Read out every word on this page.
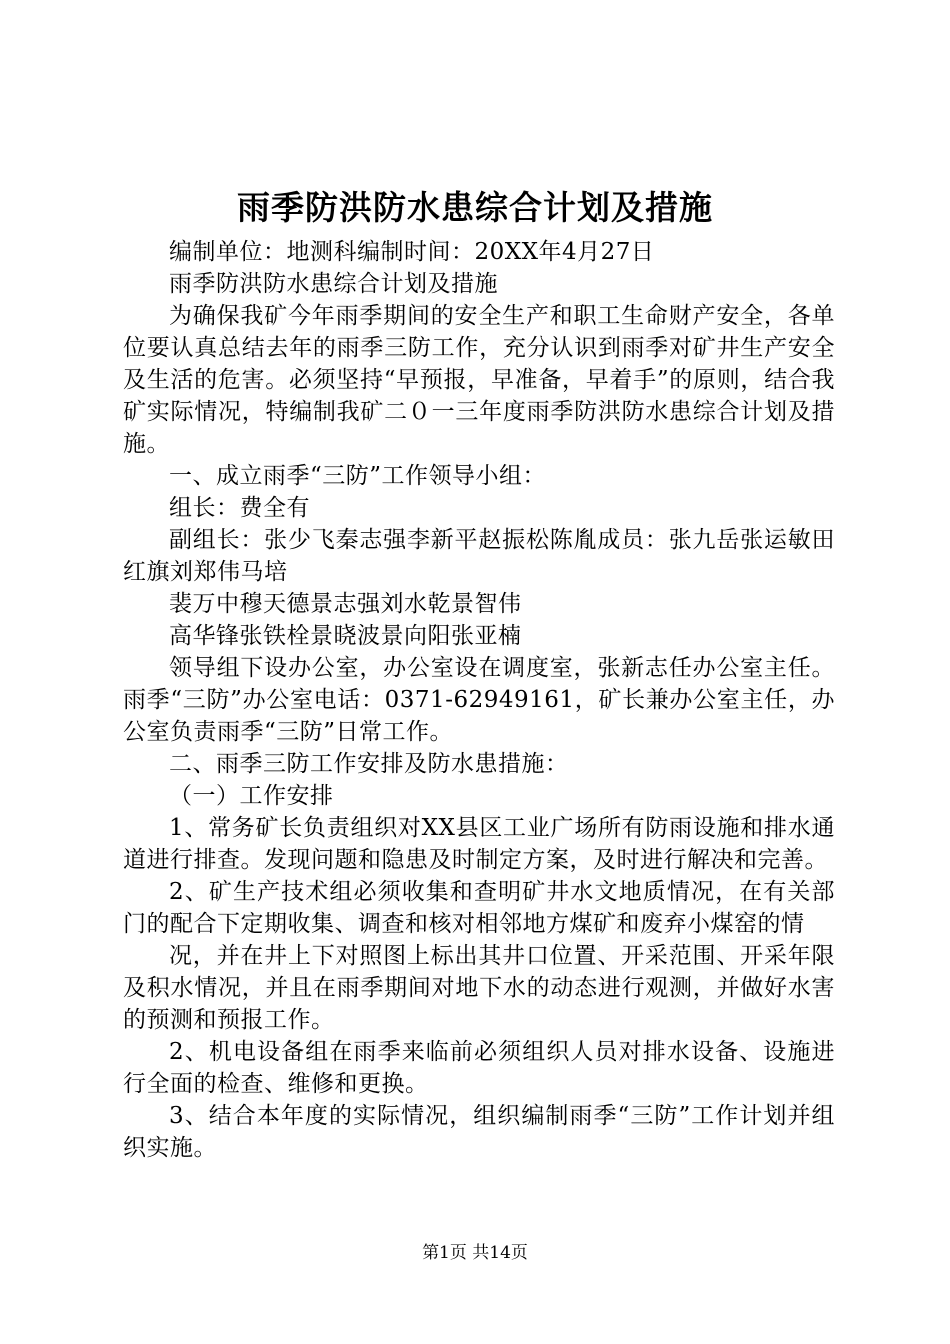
雨季防洪防水患综合计划及措施

编制单位：地测科编制时间：20XX年4月27日

雨季防洪防水患综合计划及措施

为确保我矿今年雨季期间的安全生产和职工生命财产安全，各单位要认真总结去年的雨季三防工作，充分认识到雨季对矿井生产安全及生活的危害。必须坚持“早预报，早准备，早着手”的原则，结合我矿实际情况，特编制我矿二０一三年度雨季防洪防水患综合计划及措施。

一、成立雨季“三防”工作领导小组：

组长：费全有

副组长：张少飞秦志强李新平赵振松陈胤成员：张九岳张运敏田红旗刘郑伟马培

裴万中穆天德景志强刘水乾景智伟

高华锋张铁栓景晓波景向阳张亚楠

领导组下设办公室，办公室设在调度室，张新志任办公室主任。雨季“三防”办公室电话：0371-62949161，矿长兼办公室主任，办公室负责雨季“三防”日常工作。

二、雨季三防工作安排及防水患措施：

（一）工作安排

1、常务矿长负责组织对XX县区工业广场所有防雨设施和排水通道进行排查。发现问题和隐患及时制定方案，及时进行解决和完善。

2、矿生产技术组必须收集和查明矿井水文地质情况，在有关部门的配合下定期收集、调查和核对相邻地方煤矿和废弃小煤窑的情

况，并在井上下对照图上标出其井口位置、开采范围、开采年限及积水情况，并且在雨季期间对地下水的动态进行观测，并做好水害的预测和预报工作。

2、机电设备组在雨季来临前必须组织人员对排水设备、设施进行全面的检查、维修和更换。

3、结合本年度的实际情况，组织编制雨季“三防”工作计划并组织实施。

第1页 共14页
